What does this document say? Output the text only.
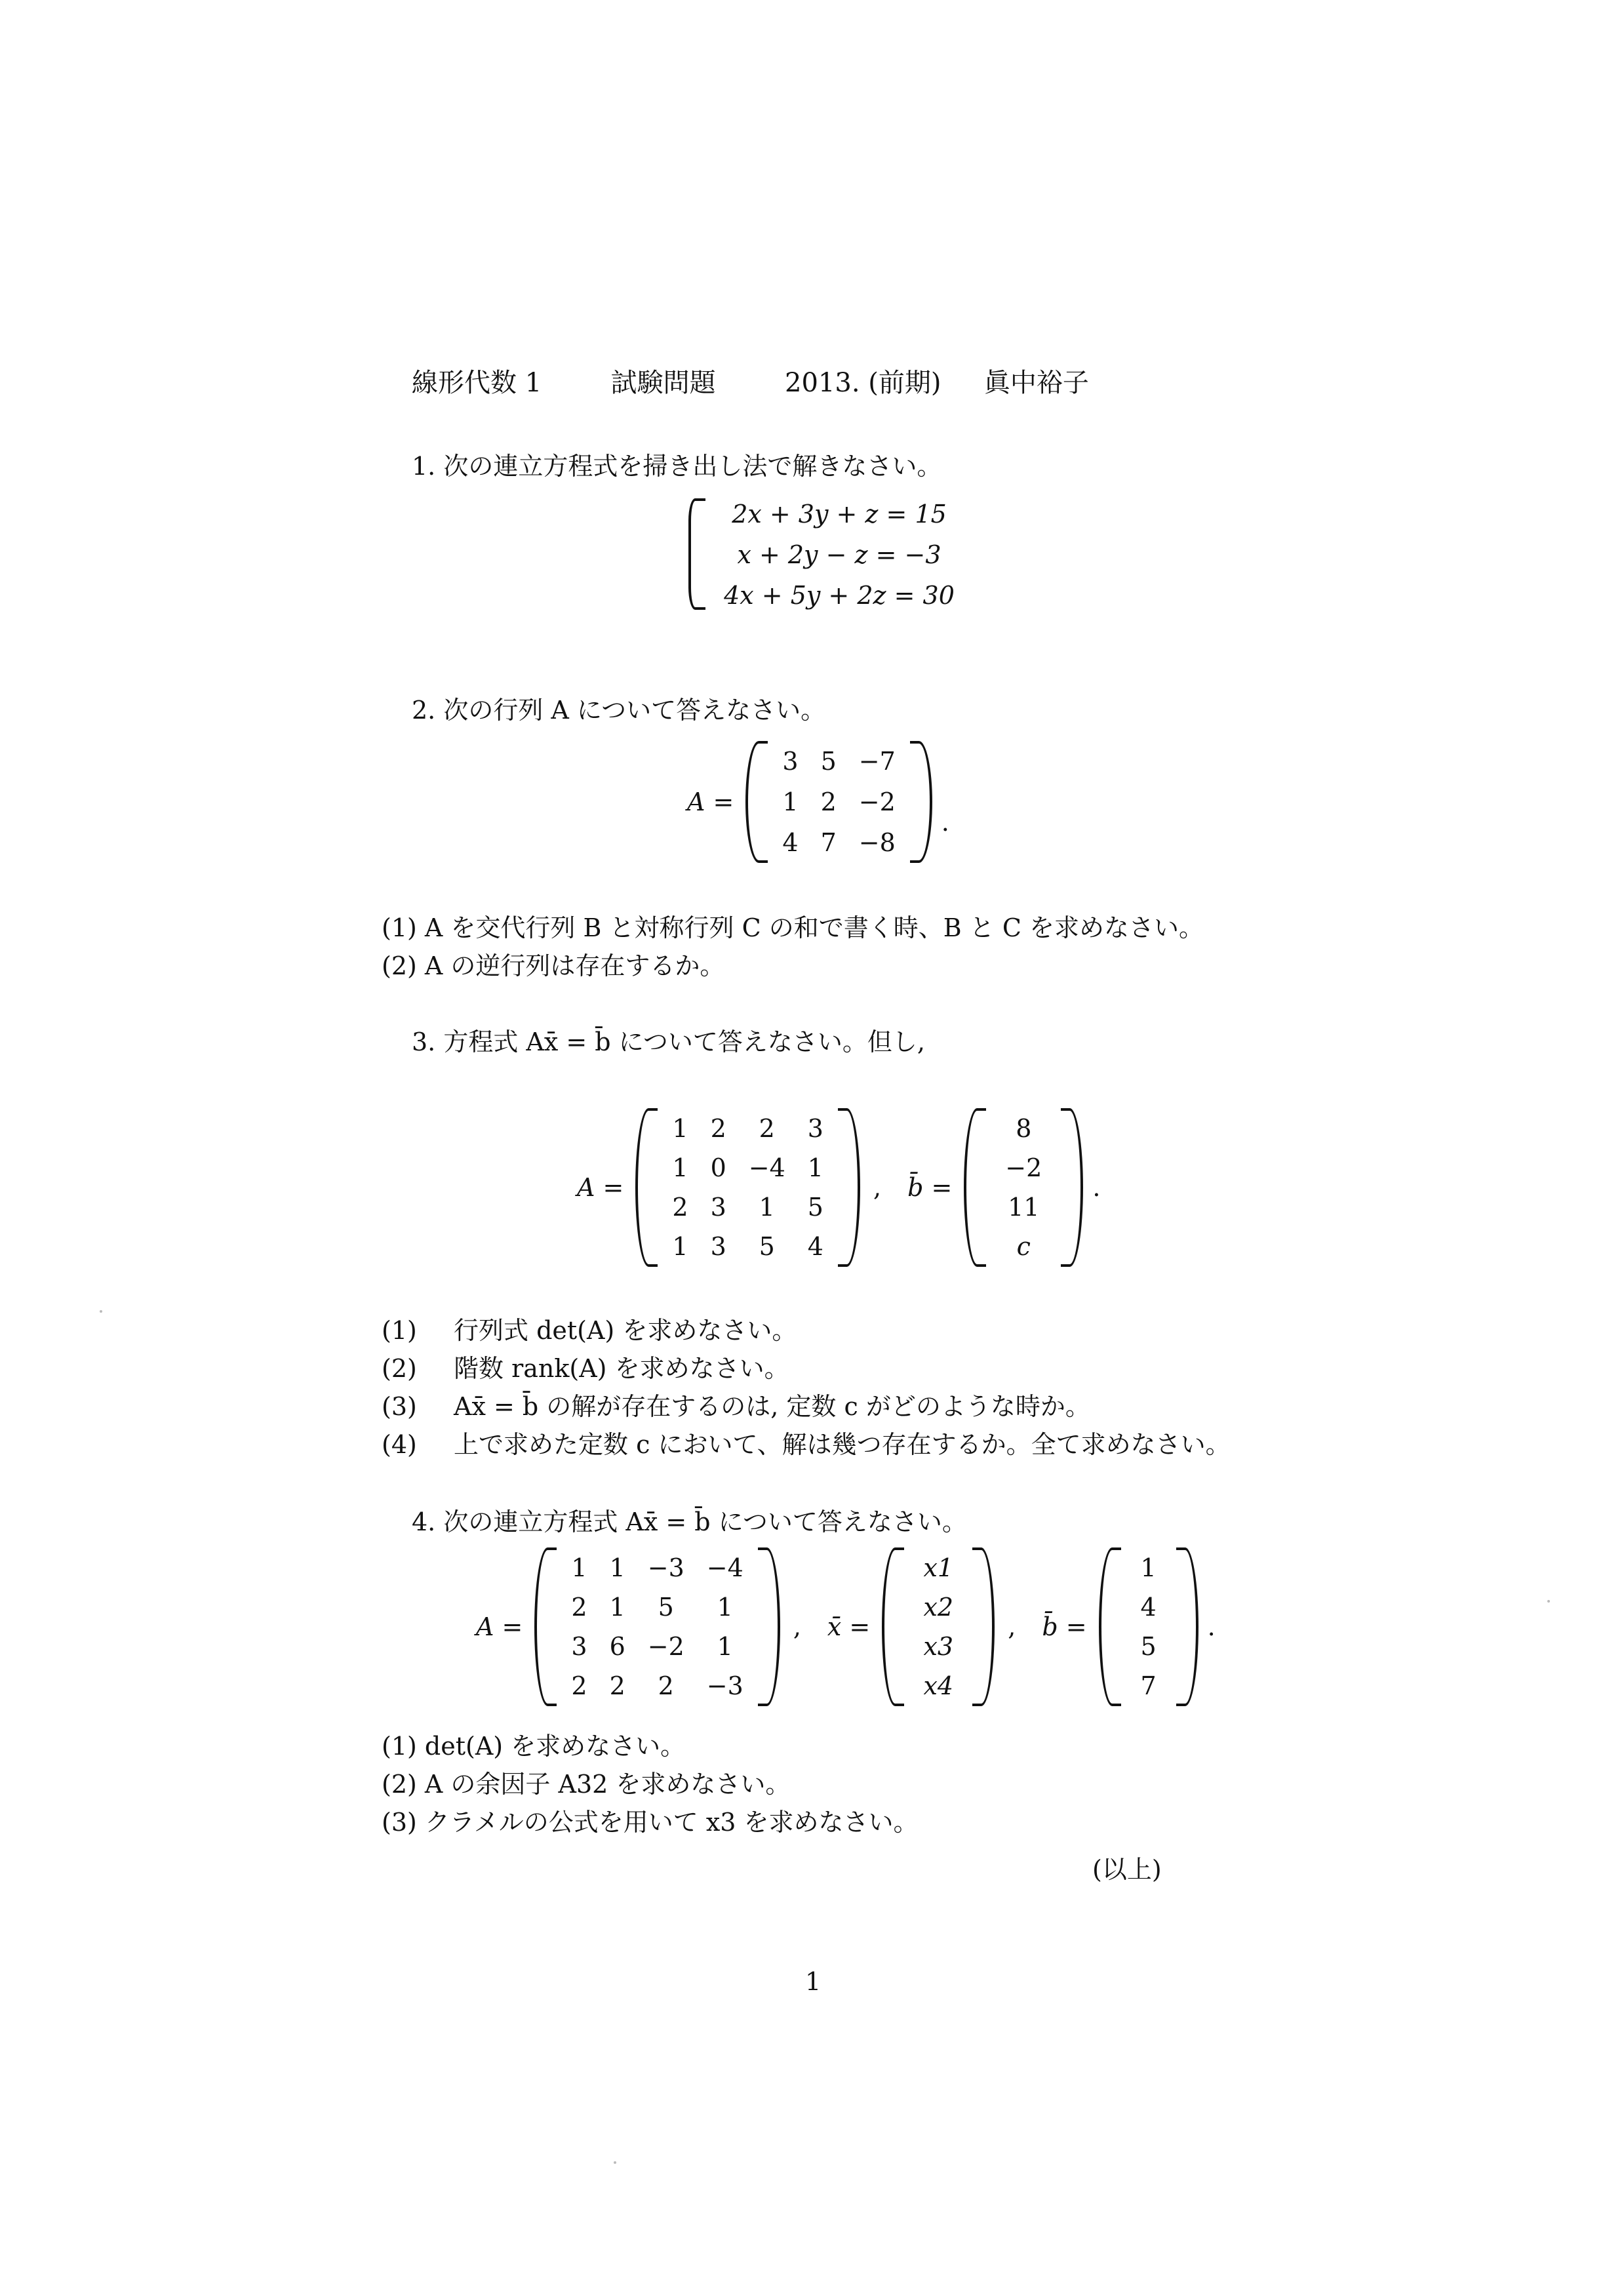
線形代数 1	試験問題	2013. (前期) 眞中裕子
1. 次の連立方程式を掃き出し法で解きなさい。
2x + 3y + z = 15
x + 2y − z = −3
4x + 5y + 2z = 30
2. 次の行列 A について答えなさい。
A =
3 5 −7
1 2 −2
4 7 −8
.
(1) A を交代行列 B と対称行列 C の和で書く時、B と C を求めなさい。
(2) A の逆行列は存在するか。
3. 方程式 Ax̄ = b̄ について答えなさい。但し,
A =
1 2	2	3
1 0 −4 1
2 3	1	5
1 3	5	4
, b̄ =
8
−2
11
c
.
(1) 行列式 det(A) を求めなさい。
(2) 階数 rank(A) を求めなさい。
(3) Ax̄ = b̄ の解が存在するのは, 定数 c がどのような時か。
(4) 上で求めた定数 c において、解は幾つ存在するか。全て求めなさい。
4. 次の連立方程式 Ax̄ = b̄ について答えなさい。
A =
1 1 −3 −4
2 1	5	1
3 6 −2	1
2 2	2	−3
, x̄ =
x1
x2
x3
x4
, b̄ =
1
4
5
7
.
(1) det(A) を求めなさい。
(2) A の余因子 A32 を求めなさい。
(3) クラメルの公式を用いて x3 を求めなさい。
(以上)
1
